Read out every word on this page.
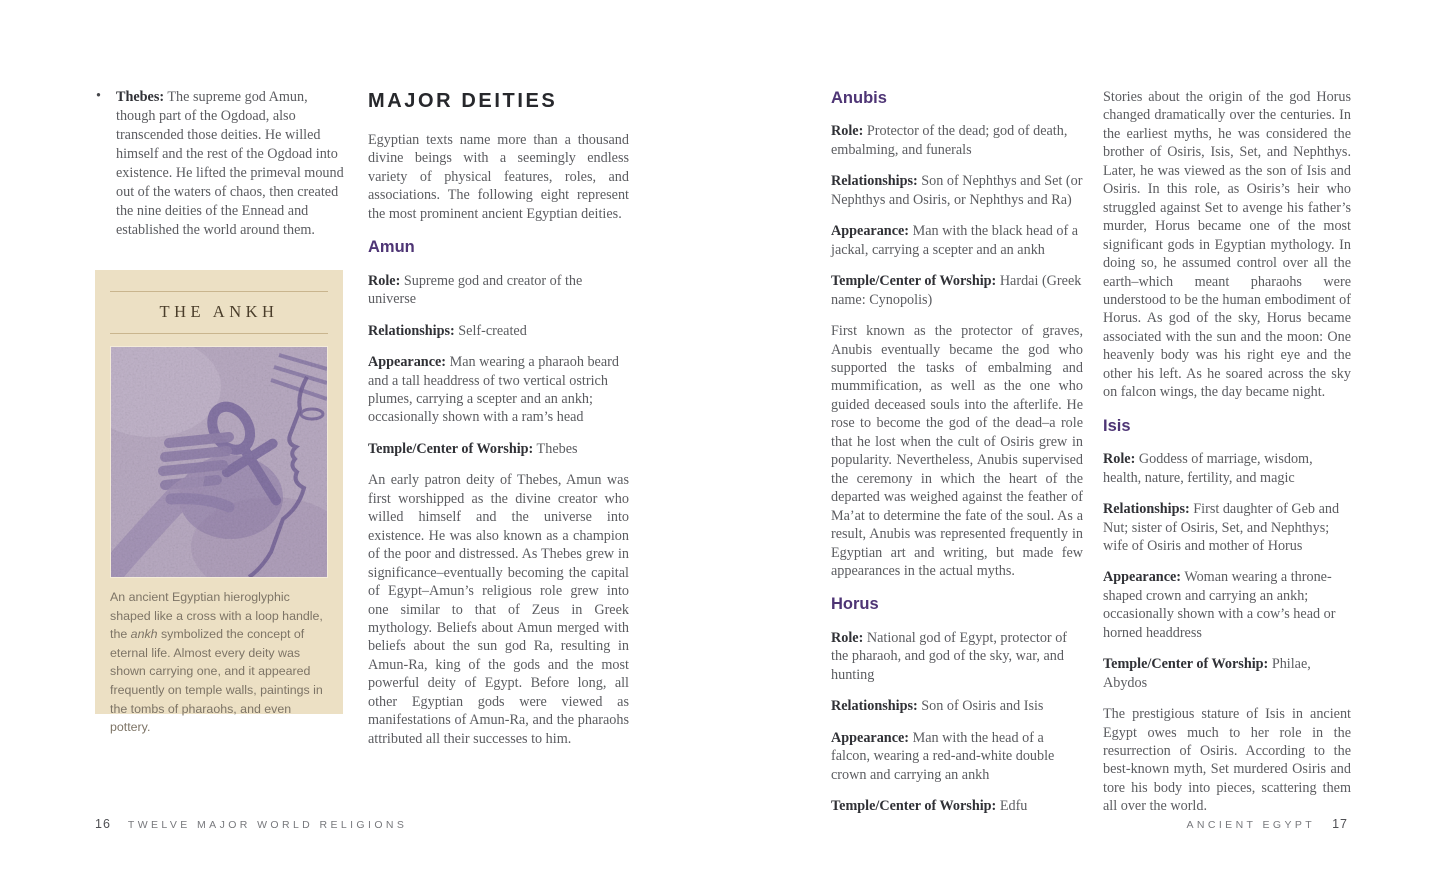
• Thebes: The supreme god Amun, though part of the Ogdoad, also transcended those deities. He willed himself and the rest of the Ogdoad into existence. He lifted the primeval mound out of the waters of chaos, then created the nine deities of the Ennead and established the world around them.
THE ANKH
An ancient Egyptian hieroglyphic shaped like a cross with a loop handle, the ankh symbolized the concept of eternal life. Almost every deity was shown carrying one, and it appeared frequently on temple walls, paintings in the tombs of pharaohs, and even pottery.
MAJOR DEITIES

Egyptian texts name more than a thousand divine beings with a seemingly endless variety of physical features, roles, and associations. The following eight represent the most prominent ancient Egyptian deities.

Amun

Role: Supreme god and creator of the universe

Relationships: Self-created

Appearance: Man wearing a pharaoh beard and a tall headdress of two vertical ostrich plumes, carrying a scepter and an ankh; occasionally shown with a ram’s head

Temple/Center of Worship: Thebes

An early patron deity of Thebes, Amun was first worshipped as the divine creator who willed himself and the universe into existence. He was also known as a champion of the poor and distressed. As Thebes grew in significance–eventually becoming the capital of Egypt–Amun’s religious role grew into one similar to that of Zeus in Greek mythology. Beliefs about Amun merged with beliefs about the sun god Ra, resulting in Amun-Ra, king of the gods and the most powerful deity of Egypt. Before long, all other Egyptian gods were viewed as manifestations of Amun-Ra, and the pharaohs attributed all their successes to him.

Anubis

Role: Protector of the dead; god of death, embalming, and funerals

Relationships: Son of Nephthys and Set (or Nephthys and Osiris, or Nephthys and Ra)

Appearance: Man with the black head of a jackal, carrying a scepter and an ankh

Temple/Center of Worship: Hardai (Greek name: Cynopolis)

First known as the protector of graves, Anubis eventually became the god who supported the tasks of embalming and mummification, as well as the one who guided deceased souls into the afterlife. He rose to become the god of the dead–a role that he lost when the cult of Osiris grew in popularity. Nevertheless, Anubis supervised the ceremony in which the heart of the departed was weighed against the feather of Ma’at to determine the fate of the soul. As a result, Anubis was represented frequently in Egyptian art and writing, but made few appearances in the actual myths.

Horus

Role: National god of Egypt, protector of the pharaoh, and god of the sky, war, and hunting

Relationships: Son of Osiris and Isis

Appearance: Man with the head of a falcon, wearing a red-and-white double crown and carrying an ankh

Temple/Center of Worship: Edfu

Stories about the origin of the god Horus changed dramatically over the centuries. In the earliest myths, he was considered the brother of Osiris, Isis, Set, and Nephthys. Later, he was viewed as the son of Isis and Osiris. In this role, as Osiris’s heir who struggled against Set to avenge his father’s murder, Horus became one of the most significant gods in Egyptian mythology. In doing so, he assumed control over all the earth–which meant pharaohs were understood to be the human embodiment of Horus. As god of the sky, Horus became associated with the sun and the moon: One heavenly body was his right eye and the other his left. As he soared across the sky on falcon wings, the day became night.

Isis

Role: Goddess of marriage, wisdom, health, nature, fertility, and magic

Relationships: First daughter of Geb and Nut; sister of Osiris, Set, and Nephthys; wife of Osiris and mother of Horus

Appearance: Woman wearing a throne-shaped crown and carrying an ankh; occasionally shown with a cow’s head or horned headdress

Temple/Center of Worship: Philae, Abydos

The prestigious stature of Isis in ancient Egypt owes much to her role in the resurrection of Osiris. According to the best-known myth, Set murdered Osiris and tore his body into pieces, scattering them all over the world.

16 TWELVE MAJOR WORLD RELIGIONS	ANCIENT EGYPT 17
